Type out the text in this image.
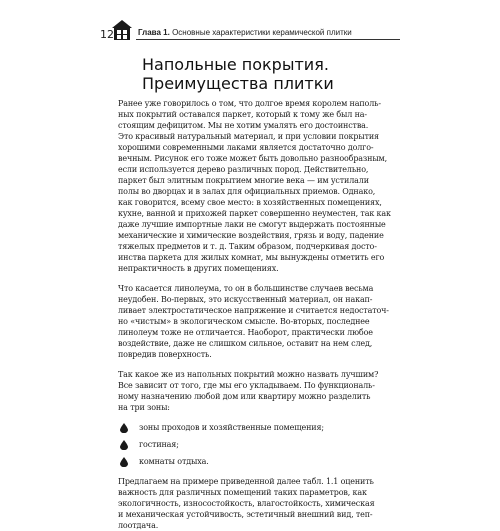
12	Глава 1. Основные характеристики керамической плитки
Напольные покрытия.
Преимущества плитки
Ранее уже говорилось о том, что долгое время королем наполь-
ных покрытий оставался паркет, который к тому же был на-
стоящим дефицитом. Мы не хотим умалять его достоинства.
Это красивый натуральный материал, и при условии покрытия
хорошими современными лаками является достаточно долго-
вечным. Рисунок его тоже может быть довольно разнообразным,
если используется дерево различных пород. Действительно,
паркет был элитным покрытием многие века — им устилали
полы во дворцах и в залах для официальных приемов. Однако,
как говорится, всему свое место: в хозяйственных помещениях,
кухне, ванной и прихожей паркет совершенно неуместен, так как
даже лучшие импортные лаки не смогут выдержать постоянные
механические и химические воздействия, грязь и воду, падение
тяжелых предметов и т. д. Таким образом, подчеркивая досто-
инства паркета для жилых комнат, мы вынуждены отметить его
непрактичность в других помещениях.
Что касается линолеума, то он в большинстве случаев весьма
неудобен. Во-первых, это искусственный материал, он накап-
ливает электростатическое напряжение и считается недостаточ-
но «чистым» в экологическом смысле. Во-вторых, последнее
линолеум тоже не отличается. Наоборот, практически любое
воздействие, даже не слишком сильное, оставит на нем след,
повредив поверхность.
Так какое же из напольных покрытий можно назвать лучшим?
Все зависит от того, где мы его укладываем. По функциональ-
ному назначению любой дом или квартиру можно разделить
на три зоны:
зоны проходов и хозяйственные помещения;
гостиная;
комнаты отдыха.
Предлагаем на примере приведенной далее табл. 1.1 оценить
важность для различных помещений таких параметров, как
экологичность, износостойкость, влагостойкость, химическая
и механическая устойчивость, эстетичный внешний вид, теп-
лоотдача.
